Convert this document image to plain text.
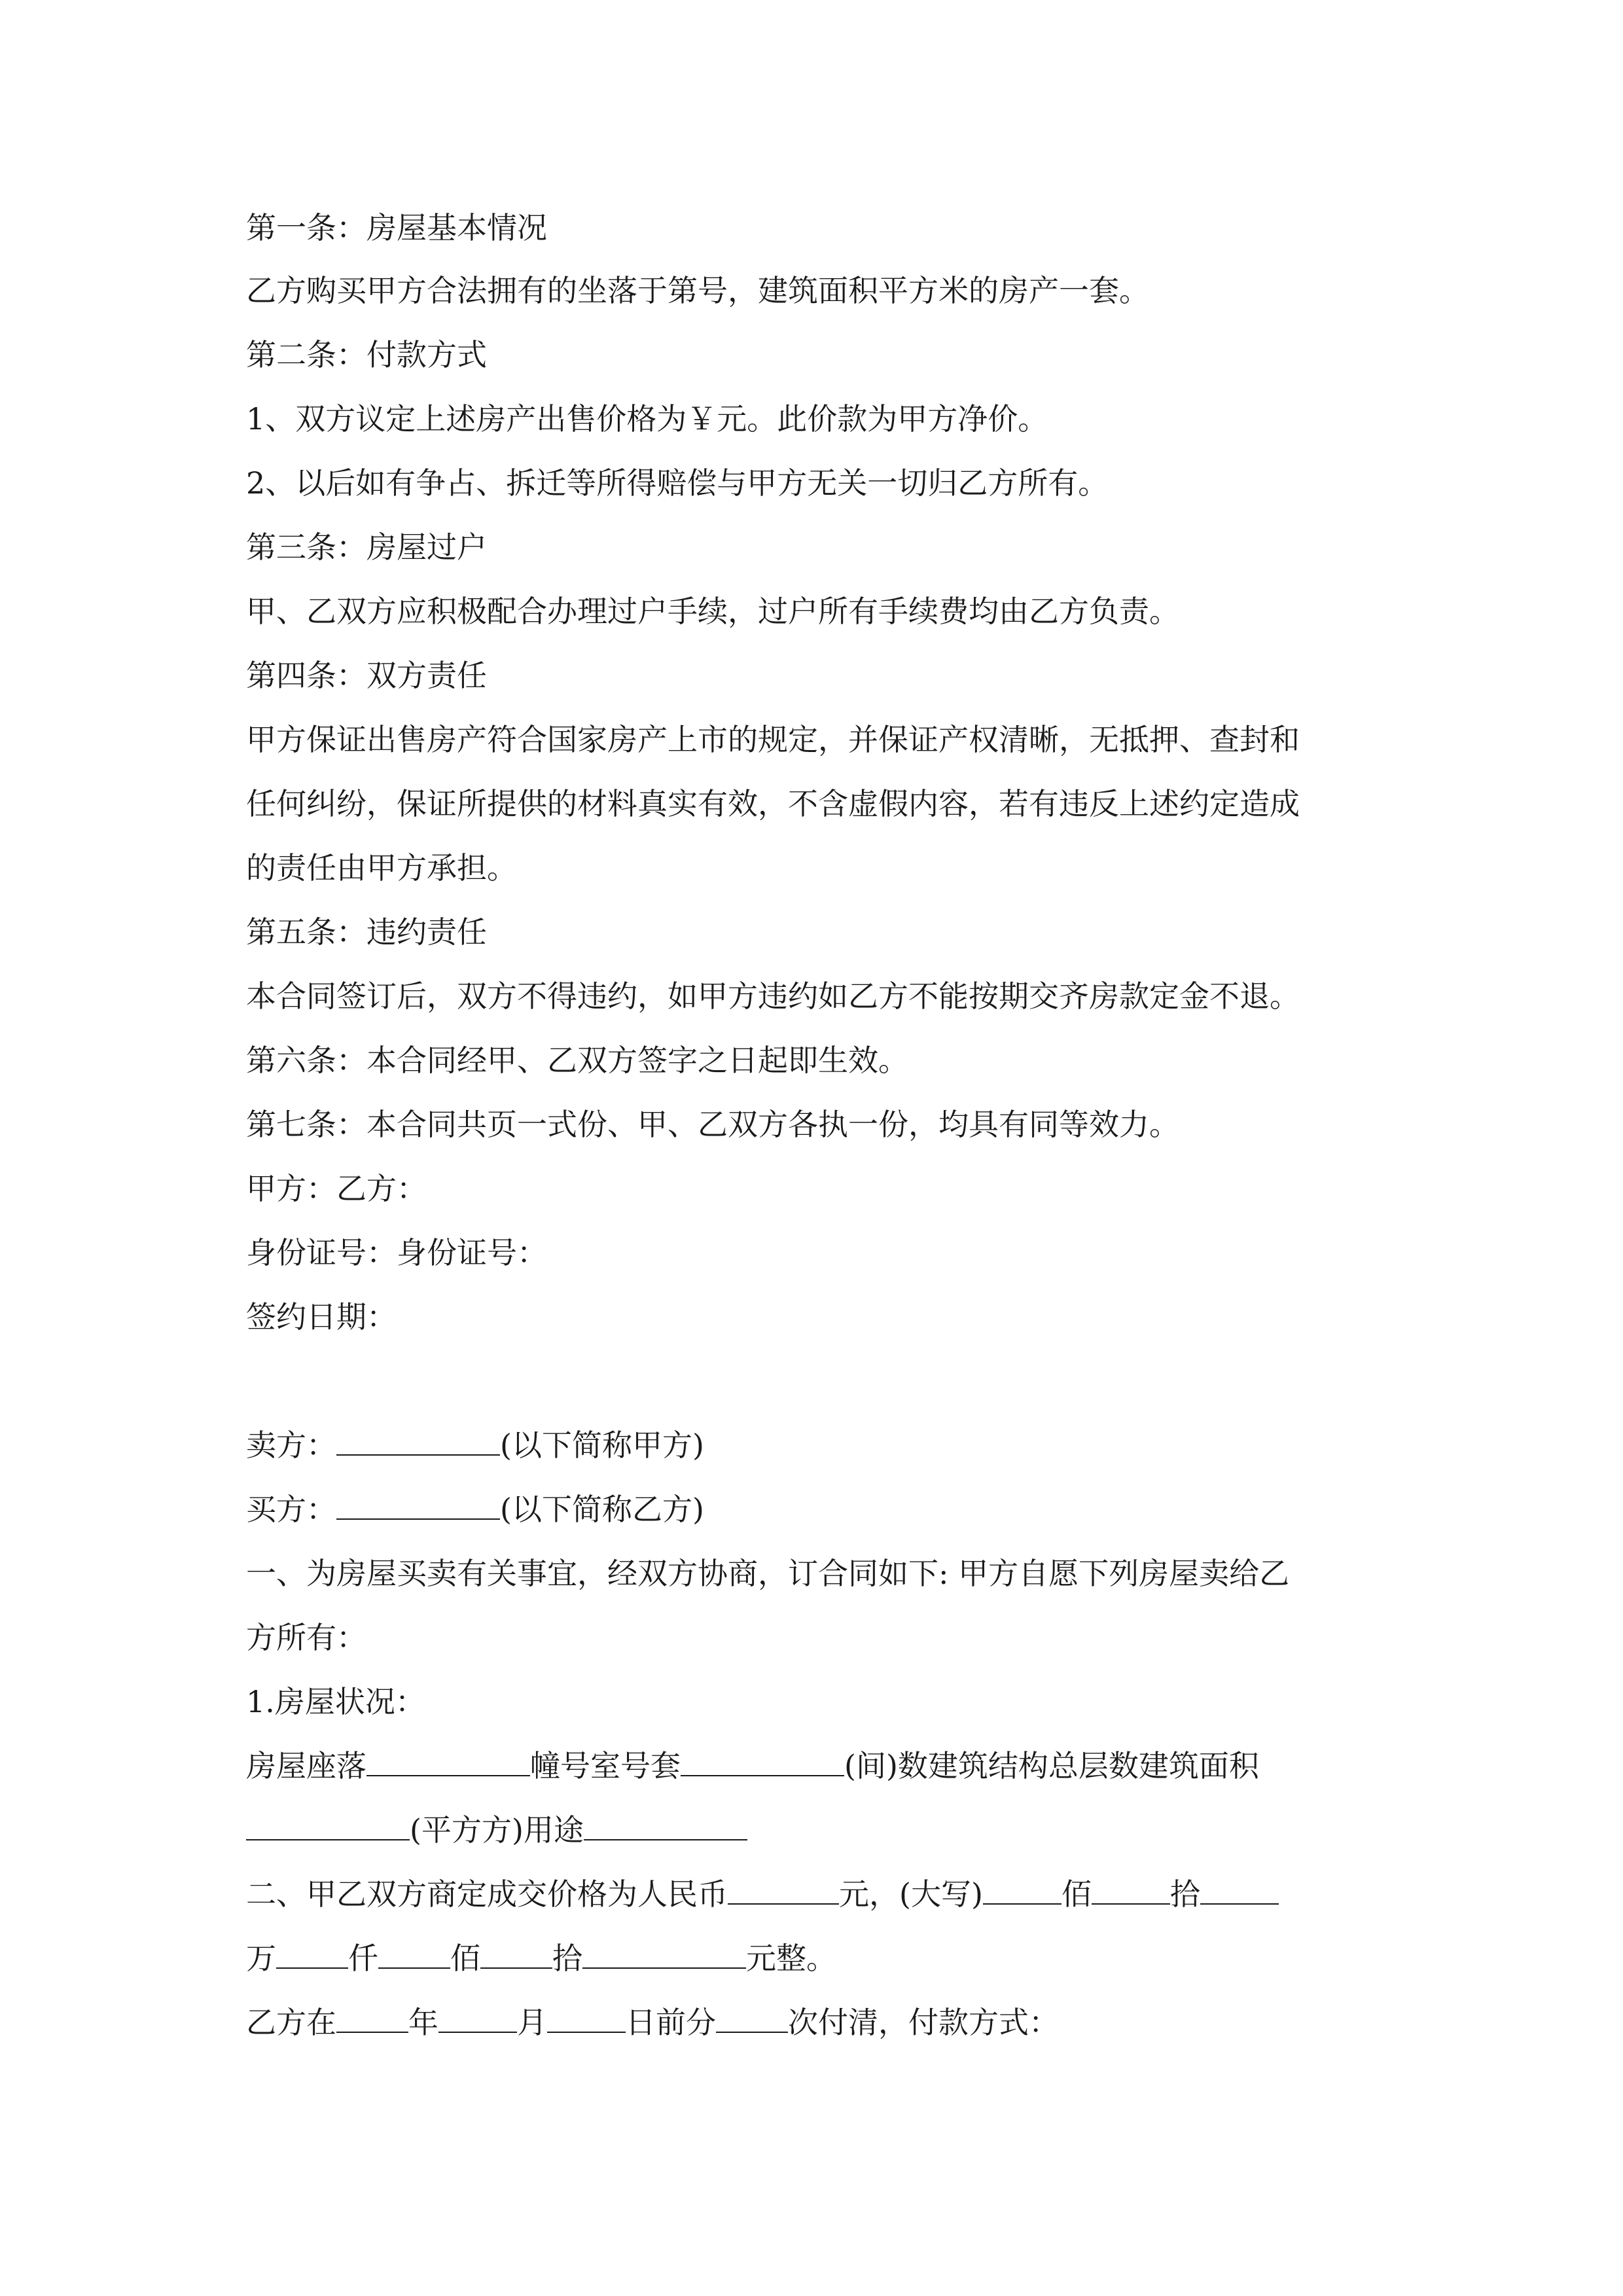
第一条：房屋基本情况
乙方购买甲方合法拥有的坐落于第号，建筑面积平方米的房产一套。
第二条：付款方式
1、双方议定上述房产出售价格为￥元。此价款为甲方净价。
2、以后如有争占、拆迁等所得赔偿与甲方无关一切归乙方所有。
第三条：房屋过户
甲、乙双方应积极配合办理过户手续，过户所有手续费均由乙方负责。
第四条：双方责任
甲方保证出售房产符合国家房产上市的规定，并保证产权清晰，无抵押、查封和
任何纠纷，保证所提供的材料真实有效，不含虚假内容，若有违反上述约定造成
的责任由甲方承担。
第五条：违约责任
本合同签订后，双方不得违约，如甲方违约如乙方不能按期交齐房款定金不退。
第六条：本合同经甲、乙双方签字之日起即生效。
第七条：本合同共页一式份、甲、乙双方各执一份，均具有同等效力。
甲方：乙方：
身份证号：身份证号：
签约日期：
卖方：	(以下简称甲方)
买方：	(以下简称乙方)
一、为房屋买卖有关事宜，经双方协商，订合同如下: 甲方自愿下列房屋卖给乙
方所有：
1.房屋状况：
房屋座落	幢号室号套	(间)数建筑结构总层数建筑面积
(平方方)用途
二、甲乙双方商定成交价格为人民币	元，(大写)	佰	拾
万 仟 佰 拾	元整。
乙方在 年	月	日前分 次付清，付款方式：
